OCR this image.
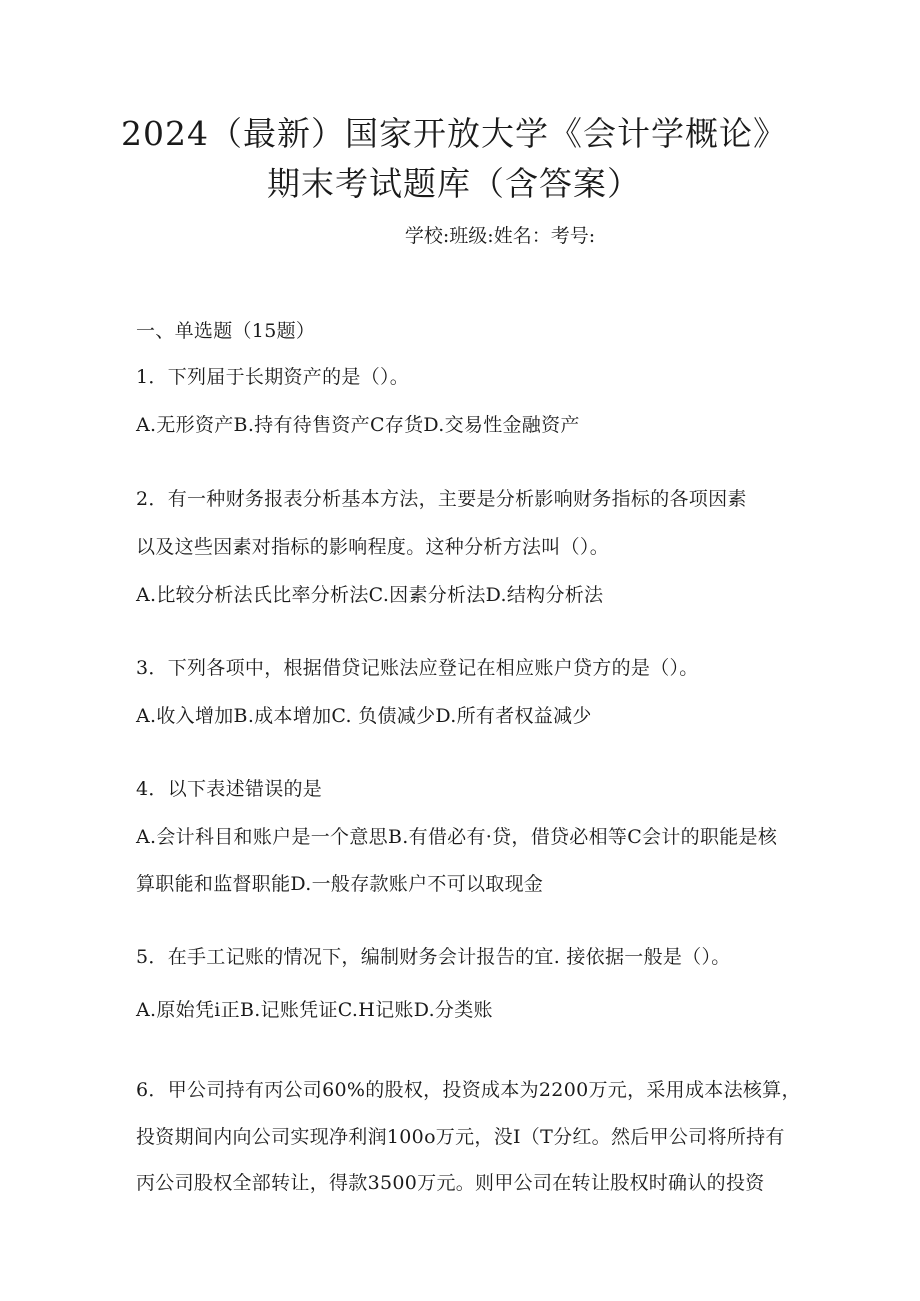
2024（最新）国家开放大学《会计学概论》
期末考试题库（含答案）
学校:班级:姓名：考号:
一、单选题（15题）
1．下列届于长期资产的是（）。
A.无形资产B.持有待售资产C存货D.交易性金融资产
2．有一种财务报表分析基本方法，主要是分析影响财务指标的各项因素
以及这些因素对指标的影响程度。这种分析方法叫（）。
A.比较分析法氏比率分析法C.因素分析法D.结构分析法
3．下列各项中，根据借贷记账法应登记在相应账户贷方的是（）。
A.收入增加B.成本增加C. 负债减少D.所有者权益减少
4．以下表述错误的是
A.会计科目和账户是一个意思B.有借必有·贷，借贷必相等C会计的职能是核
算职能和监督职能D.一般存款账户不可以取现金
5．在手工记账的情况下，编制财务会计报告的宜. 接依据一般是（）。
A.原始凭i正B.记账凭证C.H记账D.分类账
6．甲公司持有丙公司60%的股权，投资成本为2200万元，采用成本法核算，
投资期间内向公司实现净利润100o万元，没I（T分红。然后甲公司将所持有
丙公司股权全部转让，得款3500万元。则甲公司在转让股权时确认的投资
